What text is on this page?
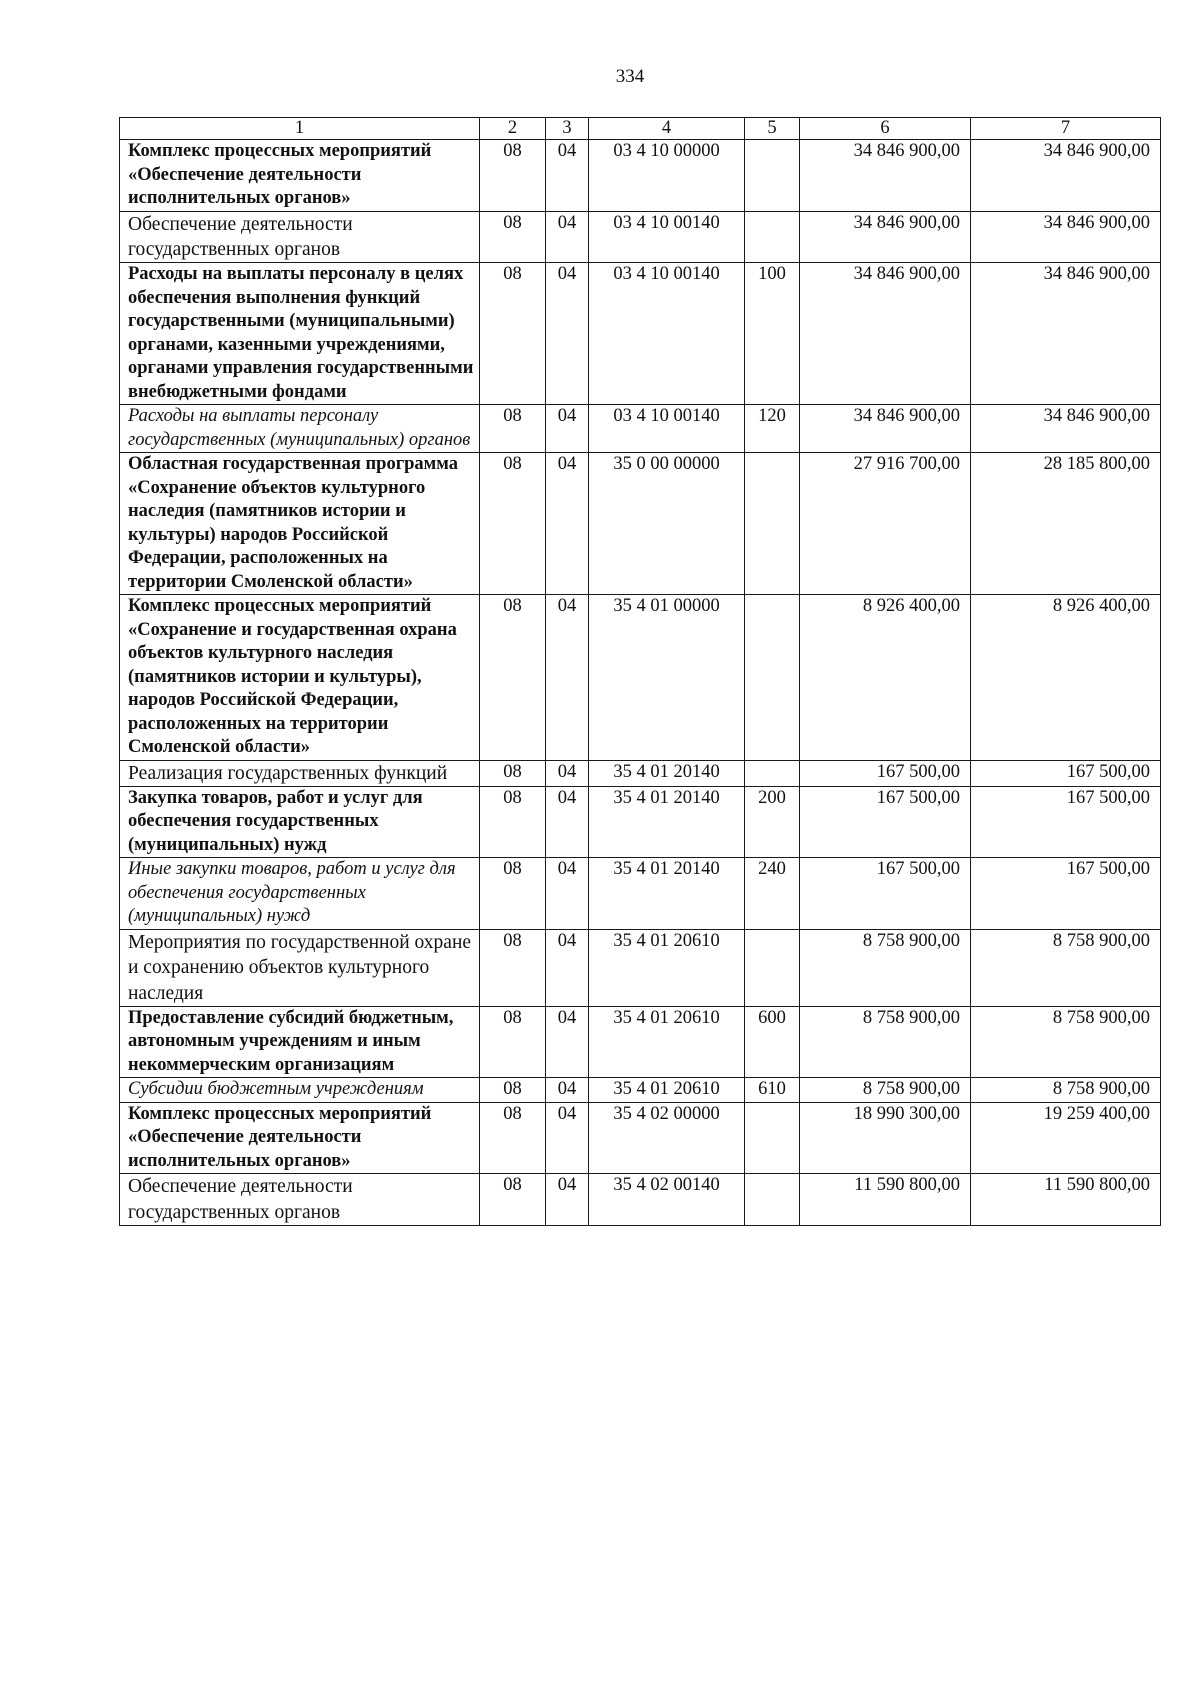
334
1	2	3	4	5	6	7
Комплекс процессных мероприятий «Обеспечение деятельности исполнительных органов»	08	04	03 4 10 00000		34 846 900,00	34 846 900,00
Обеспечение деятельности государственных органов	08	04	03 4 10 00140		34 846 900,00	34 846 900,00
Расходы на выплаты персоналу в целях обеспечения выполнения функций государственными (муниципальными) органами, казенными учреждениями, органами управления государственными внебюджетными фондами	08	04	03 4 10 00140	100	34 846 900,00	34 846 900,00
Расходы на выплаты персоналу государственных (муниципальных) органов	08	04	03 4 10 00140	120	34 846 900,00	34 846 900,00
Областная государственная программа «Сохранение объектов культурного наследия (памятников истории и культуры) народов Российской Федерации, расположенных на территории Смоленской области»	08	04	35 0 00 00000		27 916 700,00	28 185 800,00
Комплекс процессных мероприятий «Сохранение и государственная охрана объектов культурного наследия (памятников истории и культуры), народов Российской Федерации, расположенных на территории Смоленской области»	08	04	35 4 01 00000		8 926 400,00	8 926 400,00
Реализация государственных функций	08	04	35 4 01 20140		167 500,00	167 500,00
Закупка товаров, работ и услуг для обеспечения государственных (муниципальных) нужд	08	04	35 4 01 20140	200	167 500,00	167 500,00
Иные закупки товаров, работ и услуг для обеспечения государственных (муниципальных) нужд	08	04	35 4 01 20140	240	167 500,00	167 500,00
Мероприятия по государственной охране и сохранению объектов культурного наследия	08	04	35 4 01 20610		8 758 900,00	8 758 900,00
Предоставление субсидий бюджетным, автономным учреждениям и иным некоммерческим организациям	08	04	35 4 01 20610	600	8 758 900,00	8 758 900,00
Субсидии бюджетным учреждениям	08	04	35 4 01 20610	610	8 758 900,00	8 758 900,00
Комплекс процессных мероприятий «Обеспечение деятельности исполнительных органов»	08	04	35 4 02 00000		18 990 300,00	19 259 400,00
Обеспечение деятельности государственных органов	08	04	35 4 02 00140		11 590 800,00	11 590 800,00
